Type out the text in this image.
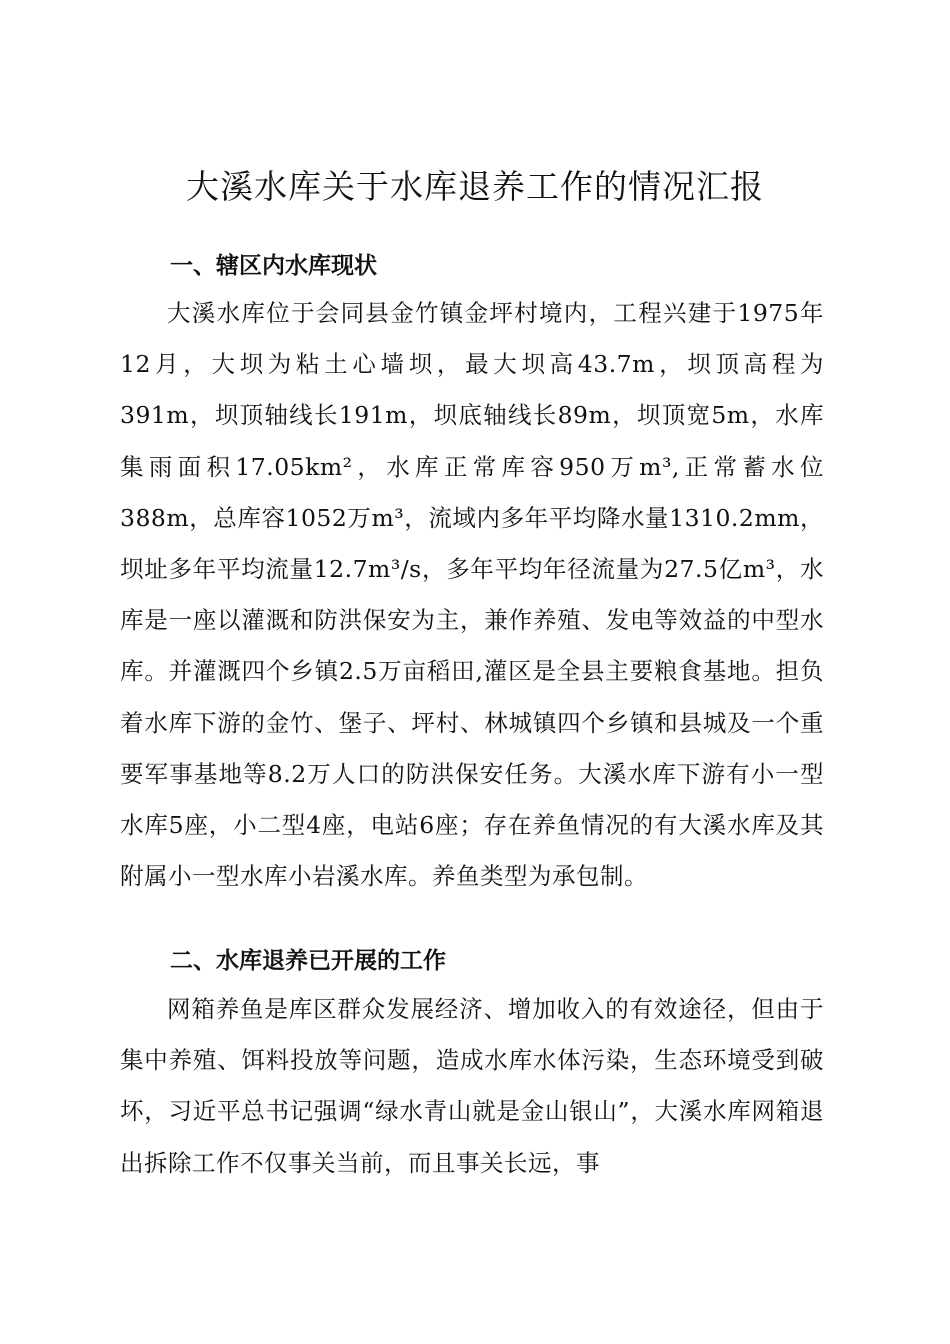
大溪水库关于水库退养工作的情况汇报
一、辖区内水库现状

大溪水库位于会同县金竹镇金坪村境内，工程兴建于1975年12月，大坝为粘土心墙坝，最大坝高43.7m，坝顶高程为391m，坝顶轴线长191m，坝底轴线长89m，坝顶宽5m，水库集雨面积17.05km²，水库正常库容950万m³,正常蓄水位388m，总库容1052万m³，流域内多年平均降水量1310.2mm，坝址多年平均流量12.7m³/s，多年平均年径流量为27.5亿m³，水库是一座以灌溉和防洪保安为主，兼作养殖、发电等效益的中型水库。并灌溉四个乡镇2.5万亩稻田,灌区是全县主要粮食基地。担负着水库下游的金竹、堡子、坪村、林城镇四个乡镇和县城及一个重要军事基地等8.2万人口的防洪保安任务。大溪水库下游有小一型水库5座，小二型4座，电站6座；存在养鱼情况的有大溪水库及其附属小一型水库小岩溪水库。养鱼类型为承包制。

二、水库退养已开展的工作

网箱养鱼是库区群众发展经济、增加收入的有效途径，但由于集中养殖、饵料投放等问题，造成水库水体污染，生态环境受到破坏，习近平总书记强调“绿水青山就是金山银山”，大溪水库网箱退出拆除工作不仅事关当前，而且事关长远，事
